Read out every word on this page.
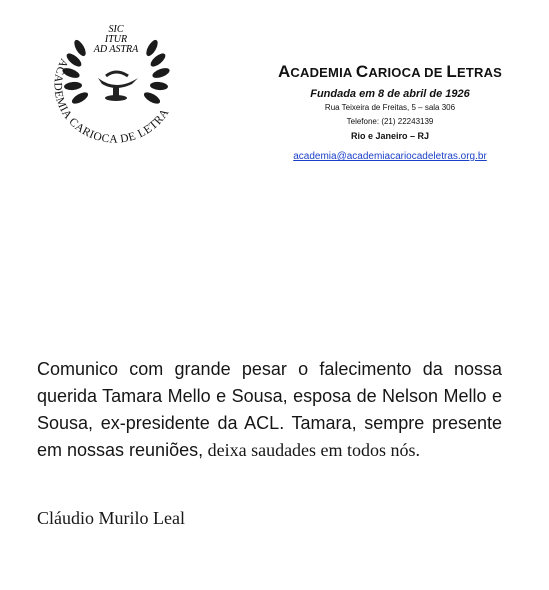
SIC
ITUR
AD ASTRA
ACADEMIA CARIOCA DE LETRA
ACADEMIA CARIOCA DE LETRAS
Fundada em 8 de abril de 1926
Rua Teixeira de Freitas, 5 – sala 306
Telefone: (21) 22243139
Rio e Janeiro – RJ
academia@academiacariocadeletras.org.br
Comunico com grande pesar o falecimento da nossa querida Tamara Mello e Sousa, esposa de Nelson Mello e Sousa, ex-presidente da ACL. Tamara, sempre presente em nossas reuniões, deixa saudades em todos nós.
Cláudio Murilo Leal
